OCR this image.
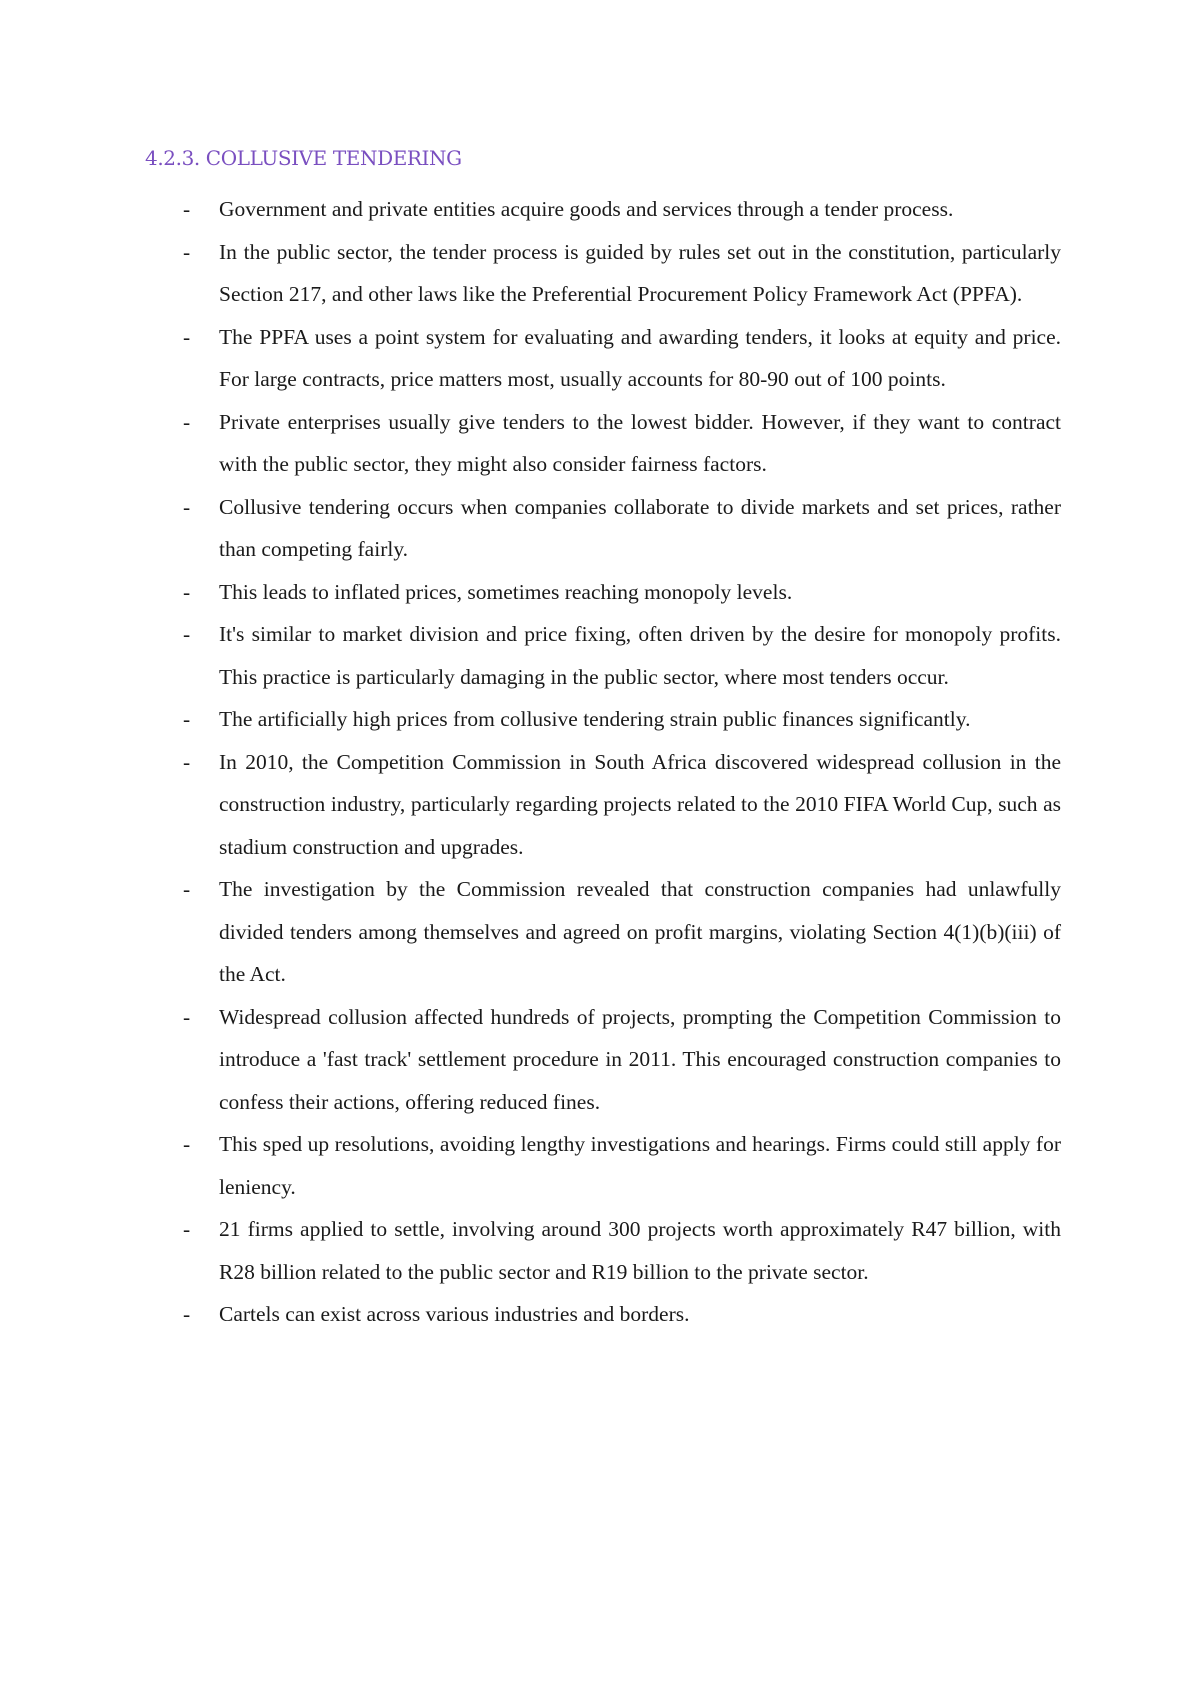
4.2.3. COLLUSIVE TENDERING
-	Government and private entities acquire goods and services through a tender process.
-	In the public sector, the tender process is guided by rules set out in the constitution, particularly Section 217, and other laws like the Preferential Procurement Policy Framework Act (PPFA).
-	The PPFA uses a point system for evaluating and awarding tenders, it looks at equity and price. For large contracts, price matters most, usually accounts for 80-90 out of 100 points.
-	Private enterprises usually give tenders to the lowest bidder. However, if they want to contract with the public sector, they might also consider fairness factors.
-	Collusive tendering occurs when companies collaborate to divide markets and set prices, rather than competing fairly.
-	This leads to inflated prices, sometimes reaching monopoly levels.
-	It's similar to market division and price fixing, often driven by the desire for monopoly profits. This practice is particularly damaging in the public sector, where most tenders occur.
-	The artificially high prices from collusive tendering strain public finances significantly.
-	In 2010, the Competition Commission in South Africa discovered widespread collusion in the construction industry, particularly regarding projects related to the 2010 FIFA World Cup, such as stadium construction and upgrades.
-	The investigation by the Commission revealed that construction companies had unlawfully divided tenders among themselves and agreed on profit margins, violating Section 4(1)(b)(iii) of the Act.
-	Widespread collusion affected hundreds of projects, prompting the Competition Commission to introduce a 'fast track' settlement procedure in 2011. This encouraged construction companies to confess their actions, offering reduced fines.
-	This sped up resolutions, avoiding lengthy investigations and hearings. Firms could still apply for leniency.
-	21 firms applied to settle, involving around 300 projects worth approximately R47 billion, with R28 billion related to the public sector and R19 billion to the private sector.
-	Cartels can exist across various industries and borders.
